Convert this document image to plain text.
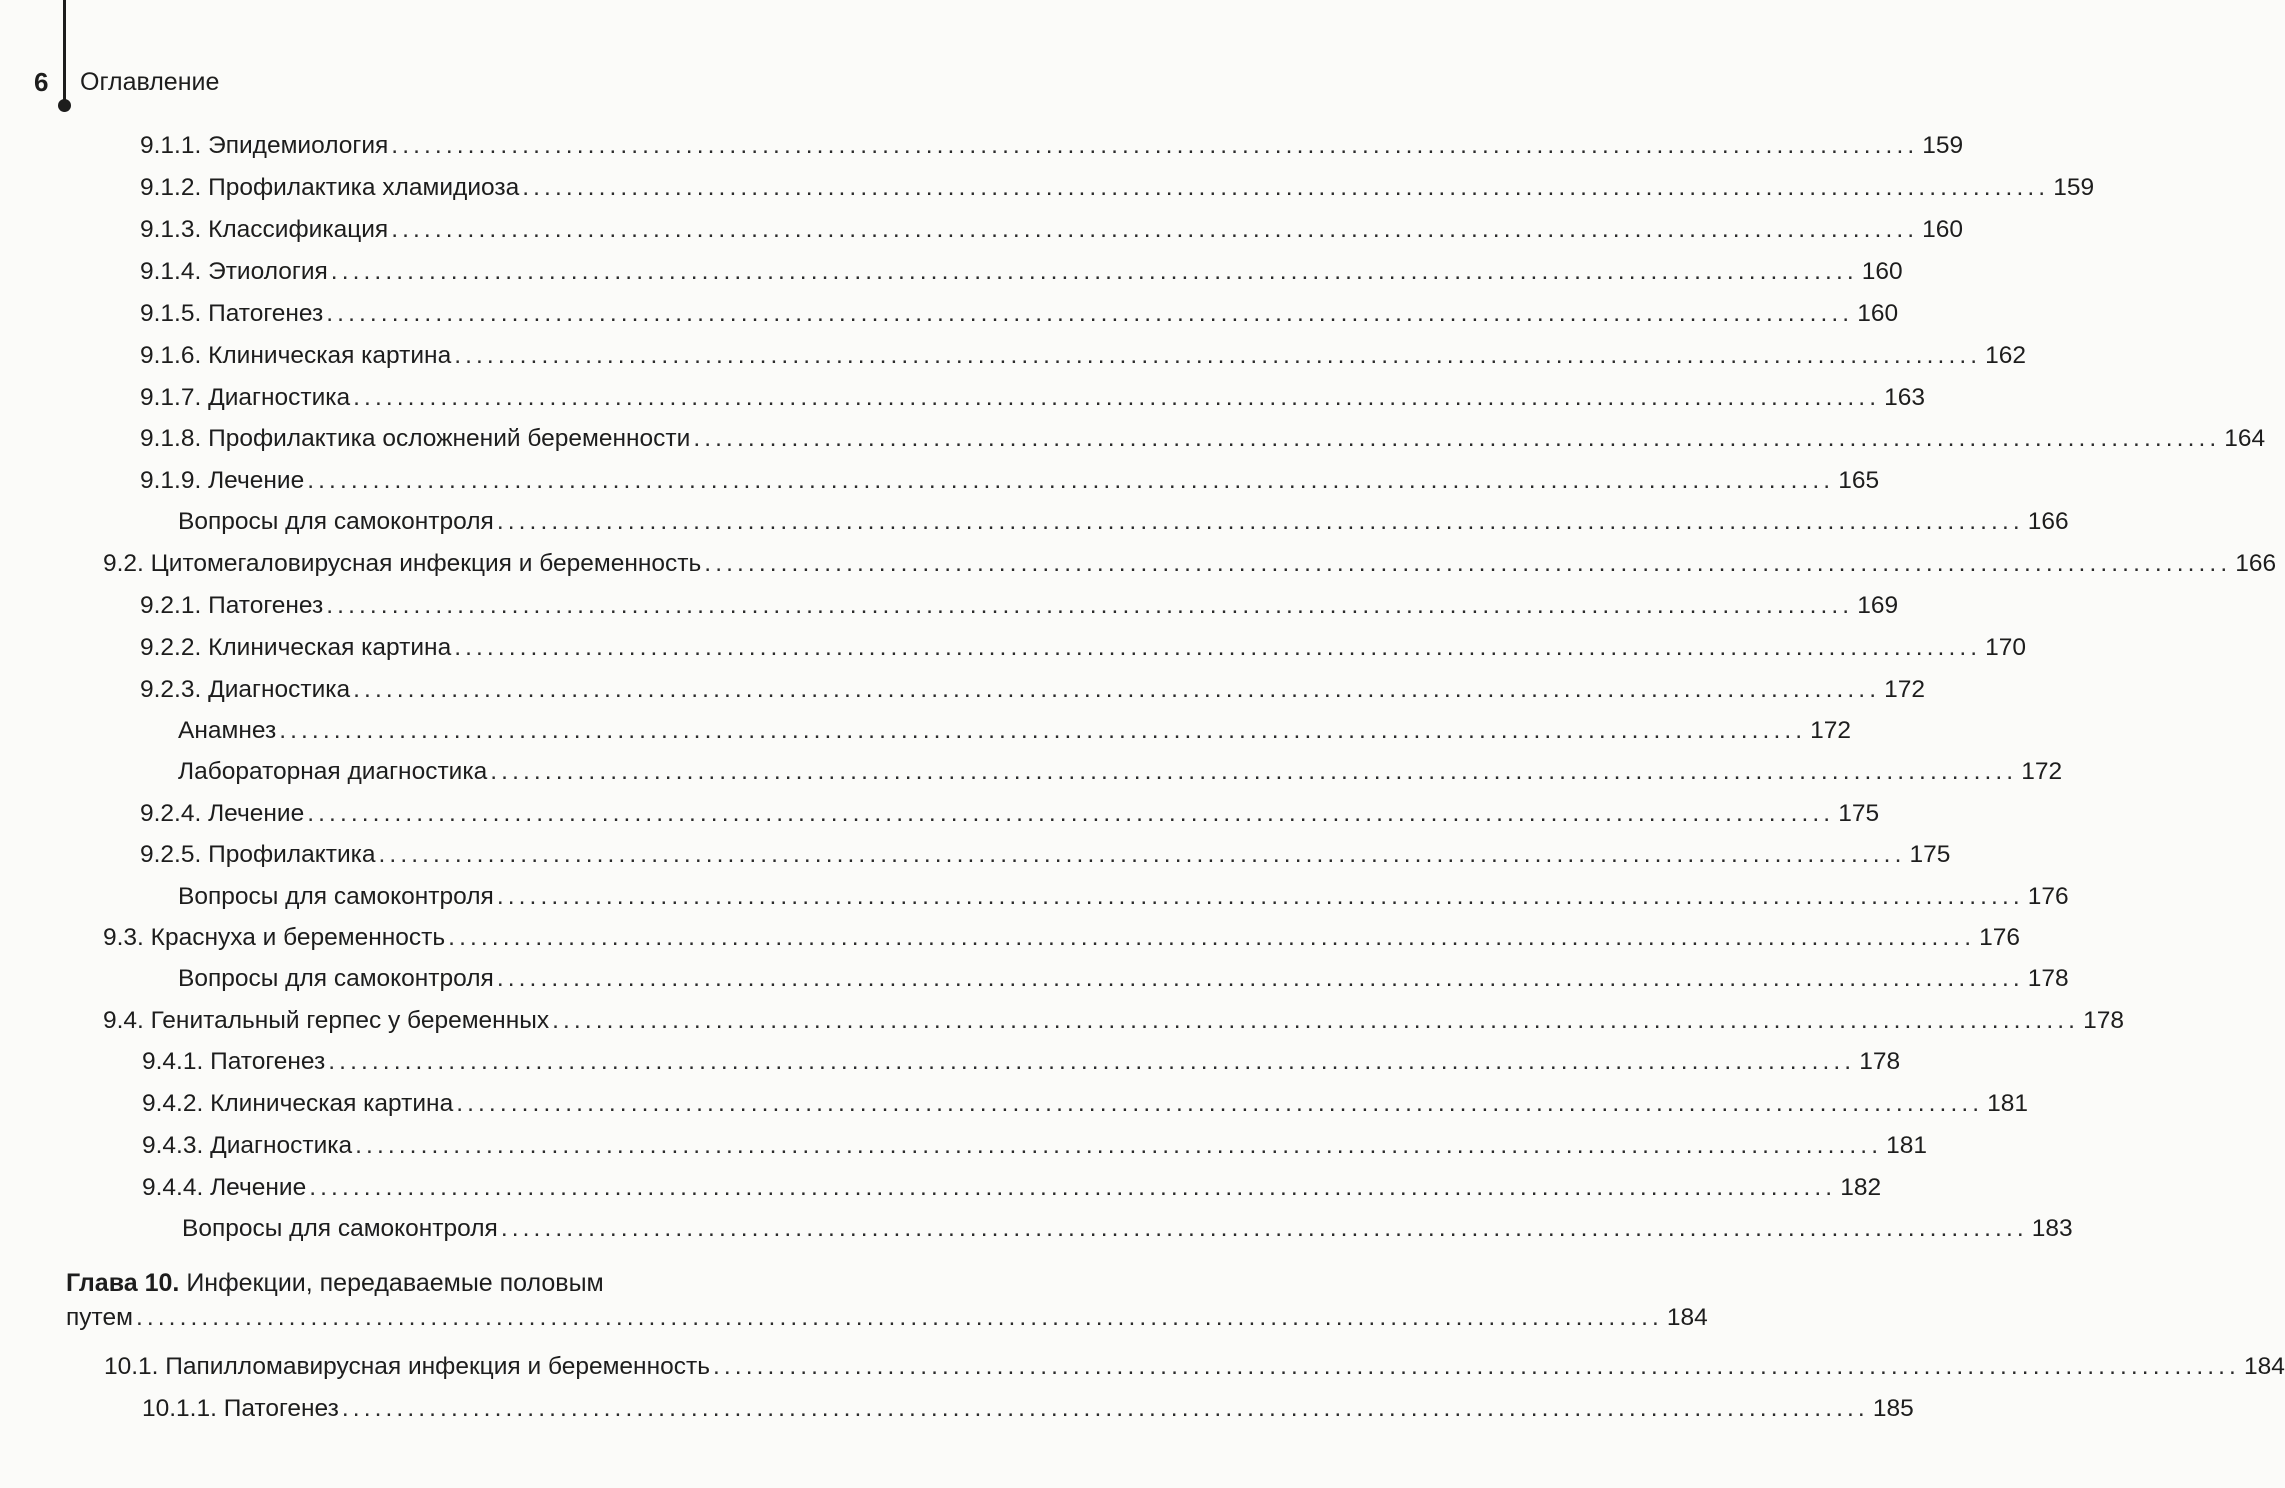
6 Оглавление
9.1.1. Эпидемиология ............................................................................................................................................ 159
9.1.2. Профилактика хламидиоза ............................................................................................................................................ 159
9.1.3. Классификация ............................................................................................................................................ 160
9.1.4. Этиология ............................................................................................................................................ 160
9.1.5. Патогенез ............................................................................................................................................ 160
9.1.6. Клиническая картина ............................................................................................................................................ 162
9.1.7. Диагностика ............................................................................................................................................ 163
9.1.8. Профилактика осложнений беременности ............................................................................................................................................ 164
9.1.9. Лечение ............................................................................................................................................ 165
Вопросы для самоконтроля ............................................................................................................................................ 166
9.2. Цитомегаловирусная инфекция и беременность ............................................................................................................................................ 166
9.2.1. Патогенез ............................................................................................................................................ 169
9.2.2. Клиническая картина ............................................................................................................................................ 170
9.2.3. Диагностика ............................................................................................................................................ 172
Анамнез ............................................................................................................................................ 172
Лабораторная диагностика ............................................................................................................................................ 172
9.2.4. Лечение ............................................................................................................................................ 175
9.2.5. Профилактика ............................................................................................................................................ 175
Вопросы для самоконтроля ............................................................................................................................................ 176
9.3. Краснуха и беременность ............................................................................................................................................ 176
Вопросы для самоконтроля ............................................................................................................................................ 178
9.4. Генитальный герпес у беременных ............................................................................................................................................ 178
9.4.1. Патогенез ............................................................................................................................................ 178
9.4.2. Клиническая картина ............................................................................................................................................ 181
9.4.3. Диагностика ............................................................................................................................................ 181
9.4.4. Лечение ............................................................................................................................................ 182
Вопросы для самоконтроля ............................................................................................................................................ 183
Глава 10. Инфекции, передаваемые половым
путем ............................................................................................................................................ 184
10.1. Папилломавирусная инфекция и беременность ............................................................................................................................................ 184
10.1.1. Патогенез ............................................................................................................................................ 185
